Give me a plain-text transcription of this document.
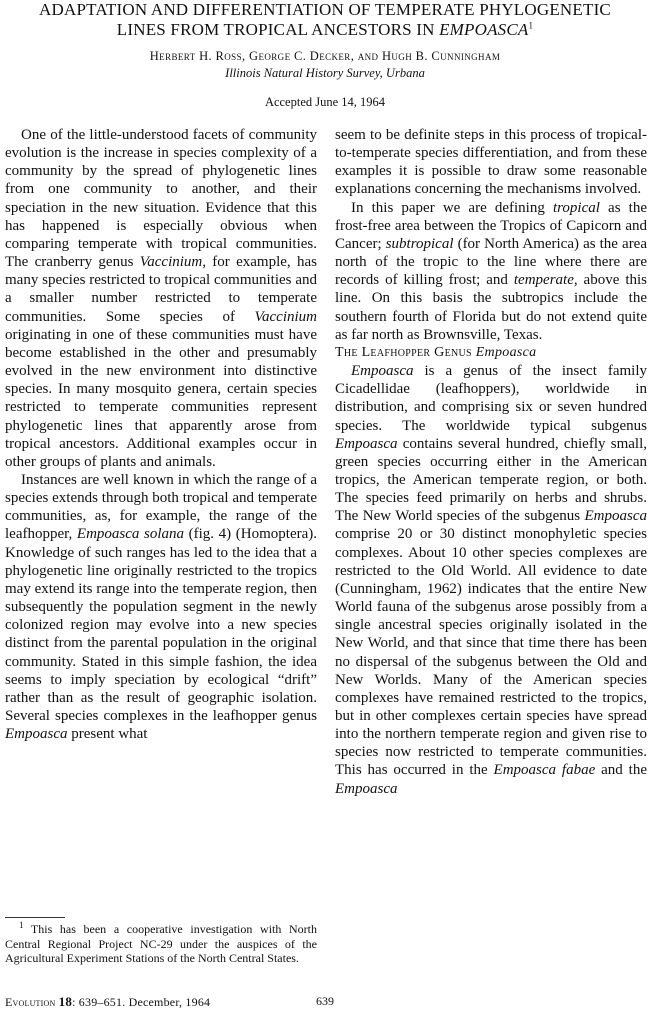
ADAPTATION AND DIFFERENTIATION OF TEMPERATE PHYLOGENETIC
LINES FROM TROPICAL ANCESTORS IN EMPOASCA$^1$
Herbert H. Ross, George C. Decker, and Hugh B. Cunningham
Illinois Natural History Survey, Urbana
Accepted June 14, 1964

One of the little-understood facets of community evolution is the increase in species complexity of a community by the spread of phylogenetic lines from one community to another, and their speciation in the new situation. Evidence that this has happened is especially obvious when comparing temperate with tropical communities. The cranberry genus Vaccinium, for example, has many species restricted to tropical communities and a smaller number restricted to temperate communities. Some species of Vaccinium originating in one of these communities must have become established in the other and presumably evolved in the new environment into distinctive species. In many mosquito genera, certain species restricted to temperate communities represent phylogenetic lines that apparently arose from tropical ancestors. Additional examples occur in other groups of plants and animals.

Instances are well known in which the range of a species extends through both tropical and temperate communities, as, for example, the range of the leafhopper, Empoasca solana (fig. 4) (Homoptera). Knowledge of such ranges has led to the idea that a phylogenetic line originally restricted to the tropics may extend its range into the temperate region, then subsequently the population segment in the newly colonized region may evolve into a new species distinct from the parental population in the original community. Stated in this simple fashion, the idea seems to imply speciation by ecological “drift” rather than as the result of geographic isolation. Several species complexes in the leafhopper genus Empoasca present what

seem to be definite steps in this process of tropical-to-temperate species differentiation, and from these examples it is possible to draw some reasonable explanations concerning the mechanisms involved.

In this paper we are defining tropical as the frost-free area between the Tropics of Capicorn and Cancer; subtropical (for North America) as the area north of the tropic to the line where there are records of killing frost; and temperate, above this line. On this basis the subtropics include the southern fourth of Florida but do not extend quite as far north as Brownsville, Texas.

The Leafhopper Genus Empoasca

Empoasca is a genus of the insect family Cicadellidae (leafhoppers), worldwide in distribution, and comprising six or seven hundred species. The worldwide typical subgenus Empoasca contains several hundred, chiefly small, green species occurring either in the American tropics, the American temperate region, or both. The species feed primarily on herbs and shrubs. The New World species of the subgenus Empoasca comprise 20 or 30 distinct monophyletic species complexes. About 10 other species complexes are restricted to the Old World. All evidence to date (Cunningham, 1962) indicates that the entire New World fauna of the subgenus arose possibly from a single ancestral species originally isolated in the New World, and that since that time there has been no dispersal of the subgenus between the Old and New Worlds. Many of the American species complexes have remained restricted to the tropics, but in other complexes certain species have spread into the northern temperate region and given rise to species now restricted to temperate communities. This has occurred in the Empoasca fabae and the Empoasca

$^1$ This has been a cooperative investigation with North Central Regional Project NC-29 under the auspices of the Agricultural Experiment Stations of the North Central States.

Evolution 18: 639–651. December, 1964	639
